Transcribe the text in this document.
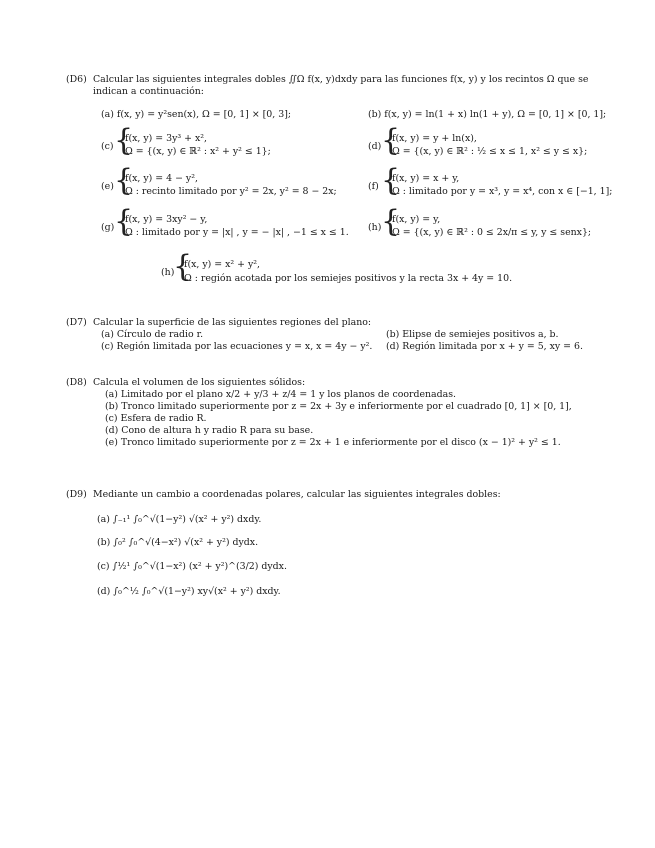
(D6) Calcular las siguientes integrales dobles ∬Ω f(x, y)dxdy para las funciones f(x, y) y los recintos Ω que se
indican a continuación:
(a) f(x, y) = y²sen(x), Ω = [0, 1] × [0, 3];	(b) f(x, y) = ln(1 + x) ln(1 + y), Ω = [0, 1] × [0, 1];
(c) {
f(x, y) = 3y³ + x²,
Ω = {(x, y) ∈ ℝ² : x² + y² ≤ 1};	(d) {
f(x, y) = y + ln(x),
Ω = {(x, y) ∈ ℝ² : ½ ≤ x ≤ 1, x² ≤ y ≤ x};
(e) {
f(x, y) = 4 − y²,
Ω : recinto limitado por y² = 2x, y² = 8 − 2x;	(f) {
f(x, y) = x + y,
Ω : limitado por y = x³, y = x⁴, con x ∈ [−1, 1];
(g) {
f(x, y) = 3xy² − y,
Ω : limitado por y = |x| , y = − |x| , −1 ≤ x ≤ 1. (h) {
f(x, y) = y,
Ω = {(x, y) ∈ ℝ² : 0 ≤ 2x/π ≤ y, y ≤ senx};
(h)
{
f(x, y) = x² + y²,
Ω : región acotada por los semiejes positivos y la recta 3x + 4y = 10.
(D7) Calcular la superficie de las siguientes regiones del plano:
(a) Círculo de radio r.	(b) Elipse de semiejes positivos a, b.
(c) Región limitada por las ecuaciones y = x, x = 4y − y². (d) Región limitada por x + y = 5, xy = 6.
(D8) Calcula el volumen de los siguientes sólidos:
(a) Limitado por el plano x/2 + y/3 + z/4 = 1 y los planos de coordenadas.
(b) Tronco limitado superiormente por z = 2x + 3y e inferiormente por el cuadrado [0, 1] × [0, 1],
(c) Esfera de radio R.
(d) Cono de altura h y radio R para su base.
(e) Tronco limitado superiormente por z = 2x + 1 e inferiormente por el disco (x − 1)² + y² ≤ 1.
(D9) Mediante un cambio a coordenadas polares, calcular las siguientes integrales dobles:
(a) ∫₋₁¹ ∫₀^√(1−y²) √(x² + y²) dxdy.
(b) ∫₀² ∫₀^√(4−x²) √(x² + y²) dydx.
(c) ∫½¹ ∫₀^√(1−x²) (x² + y²)^(3/2) dydx.
(d) ∫₀^½ ∫₀^√(1−y²) xy√(x² + y²) dxdy.
